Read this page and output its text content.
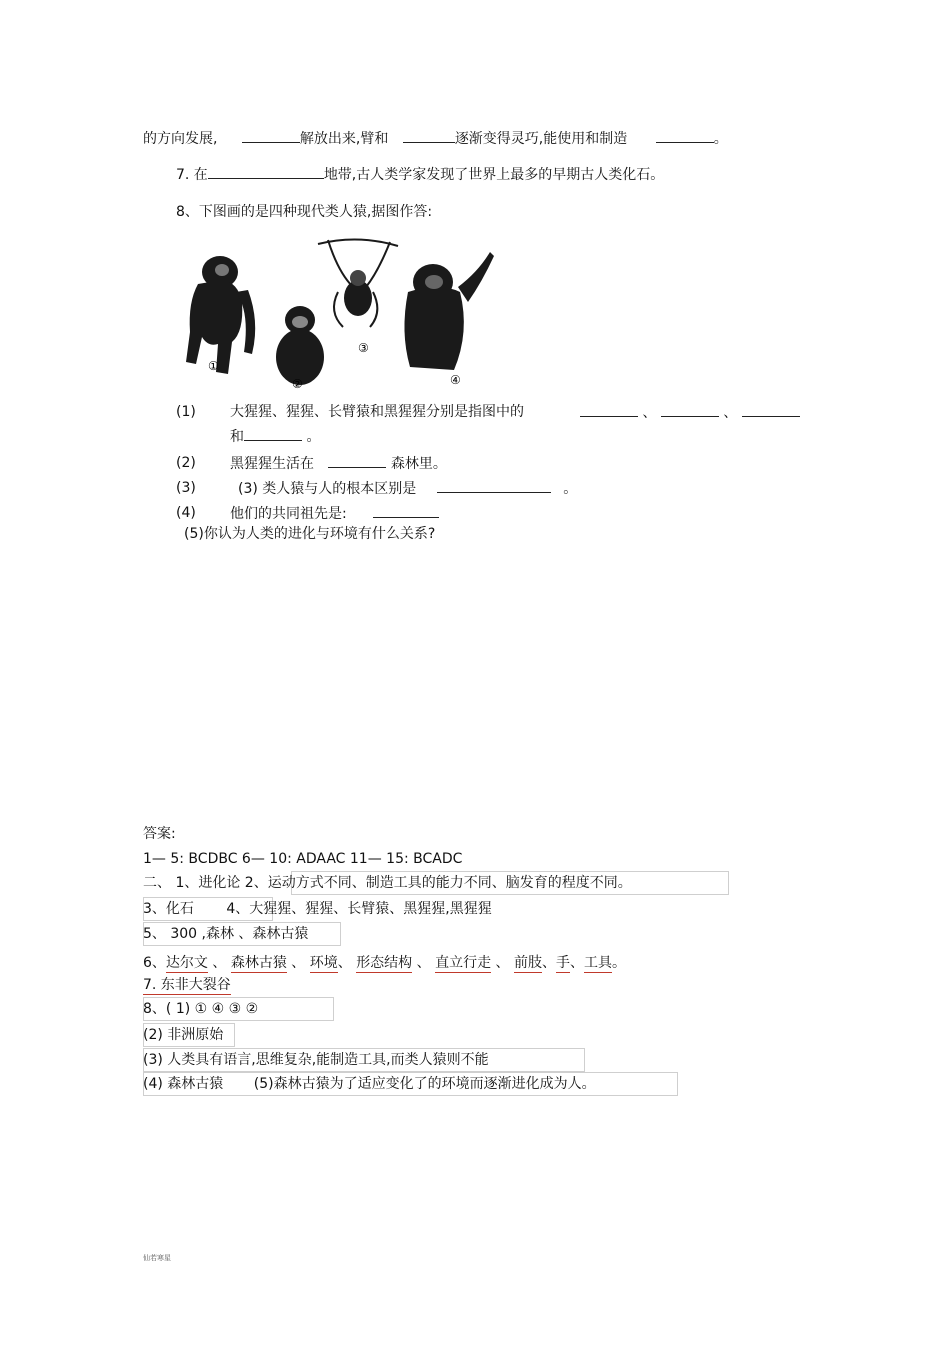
的方向发展,	解放出来,臂和	逐渐变得灵巧,能使用和制造	。
7. 在	地带,古人类学家发现了世界上最多的早期古人类化石。
8、下图画的是四种现代类人猿,据图作答:
①
②
③
④
(1) 大猩猩、猩猩、长臂猿和黑猩猩分别是指图中的	、	、
和	。
(2) 黑猩猩生活在	森林里。
(3)	(3) 类人猿与人的根本区别是	。
(4) 他们的共同祖先是:
(5)你认为人类的进化与环境有什么关系?
答案:
1— 5: BCDBC 6— 10: ADAAC 11— 15: BCADC
二、 1、进化论 2、运动方式不同、制造工具的能力不同、脑发育的程度不同。
3、化石 4、大猩猩、猩猩、长臂猿、黑猩猩,黑猩猩
5、 300 ,森林 、森林古猿
6、达尔文 、 森林古猿 、 环境、 形态结构 、 直立行走 、 前肢、手、工具。
7. 东非大裂谷
8、( 1) ① ④ ③ ②
(2) 非洲原始
(3) 人类具有语言,思维复杂,能制造工具,而类人猿则不能
(4) 森林古猿 (5)森林古猿为了适应变化了的环境而逐渐进化成为人。
仙若寒星
